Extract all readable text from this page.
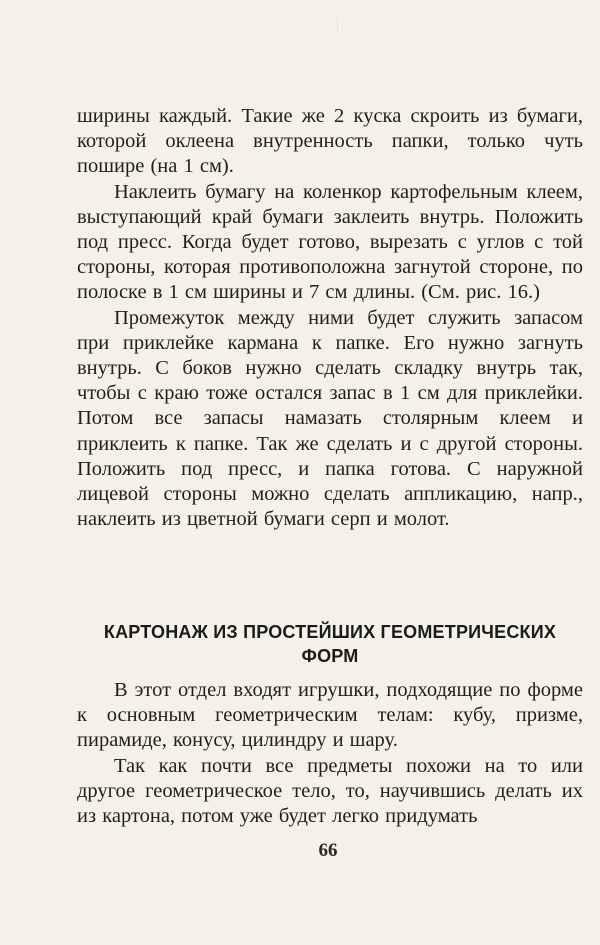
ширины каждый. Такие же 2 куска скроить из бумаги, которой оклеена внутренность папки, только чуть пошире (на 1 см).

Наклеить бумагу на коленкор картофельным клеем, выступающий край бумаги заклеить внутрь. Положить под пресс. Когда будет готово, вырезать с углов с той стороны, которая противоположна загнутой стороне, по полоске в 1 см ширины и 7 см длины. (См. рис. 16.)

Промежуток между ними будет служить запасом при приклейке кармана к папке. Его нужно загнуть внутрь. С боков нужно сделать складку внутрь так, чтобы с краю тоже остался запас в 1 см для приклейки. Потом все запасы намазать столярным клеем и приклеить к папке. Так же сделать и с другой стороны. Положить под пресс, и папка готова. С наружной лицевой стороны можно сделать аппликацию, напр., наклеить из цветной бумаги серп и молот.

КАРТОНАЖ ИЗ ПРОСТЕЙШИХ ГЕОМЕТРИЧЕСКИХ ФОРМ

В этот отдел входят игрушки, подходящие по форме к основным геометрическим телам: кубу, призме, пирамиде, конусу, цилиндру и шару.

Так как почти все предметы похожи на то или другое геометрическое тело, то, научившись делать их из картона, потом уже будет легко придумать

66
